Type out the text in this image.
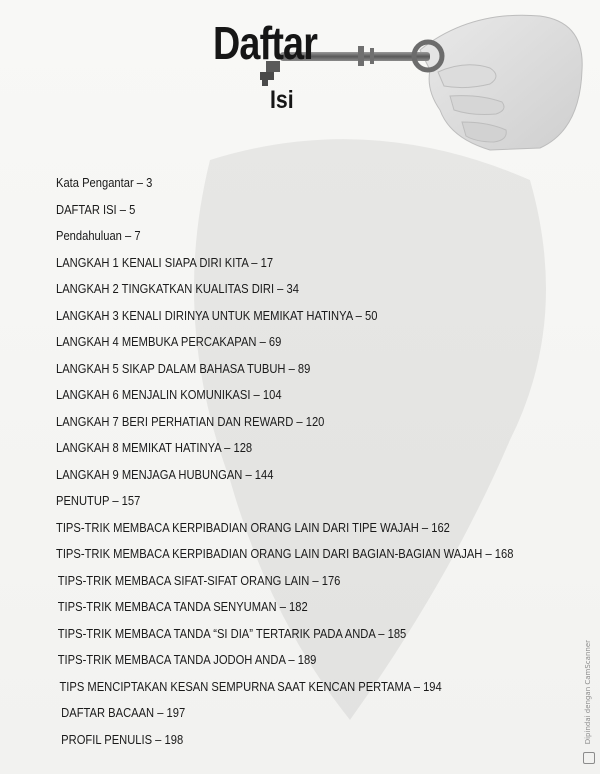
Daftar
Isi
Kata Pengantar – 3
DAFTAR ISI – 5
Pendahuluan – 7
LANGKAH 1 KENALI SIAPA DIRI KITA – 17
LANGKAH 2 TINGKATKAN KUALITAS DIRI – 34
LANGKAH 3 KENALI DIRINYA UNTUK MEMIKAT HATINYA – 50
LANGKAH 4 MEMBUKA PERCAKAPAN – 69
LANGKAH 5 SIKAP DALAM BAHASA TUBUH – 89
LANGKAH 6 MENJALIN KOMUNIKASI – 104
LANGKAH 7 BERI PERHATIAN DAN REWARD – 120
LANGKAH 8 MEMIKAT HATINYA – 128
LANGKAH 9 MENJAGA HUBUNGAN – 144
PENUTUP – 157
TIPS-TRIK MEMBACA KERPIBADIAN ORANG LAIN DARI TIPE WAJAH – 162
TIPS-TRIK MEMBACA KERPIBADIAN ORANG LAIN DARI BAGIAN-BAGIAN WAJAH – 168
TIPS-TRIK MEMBACA SIFAT-SIFAT ORANG LAIN – 176
TIPS-TRIK MEMBACA TANDA SENYUMAN – 182
TIPS-TRIK MEMBACA TANDA “SI DIA” TERTARIK PADA ANDA – 185
TIPS-TRIK MEMBACA TANDA JODOH ANDA – 189
TIPS MENCIPTAKAN KESAN SEMPURNA SAAT KENCAN PERTAMA – 194
DAFTAR BACAAN – 197
PROFIL PENULIS – 198	Dipindai dengan CamScanner
